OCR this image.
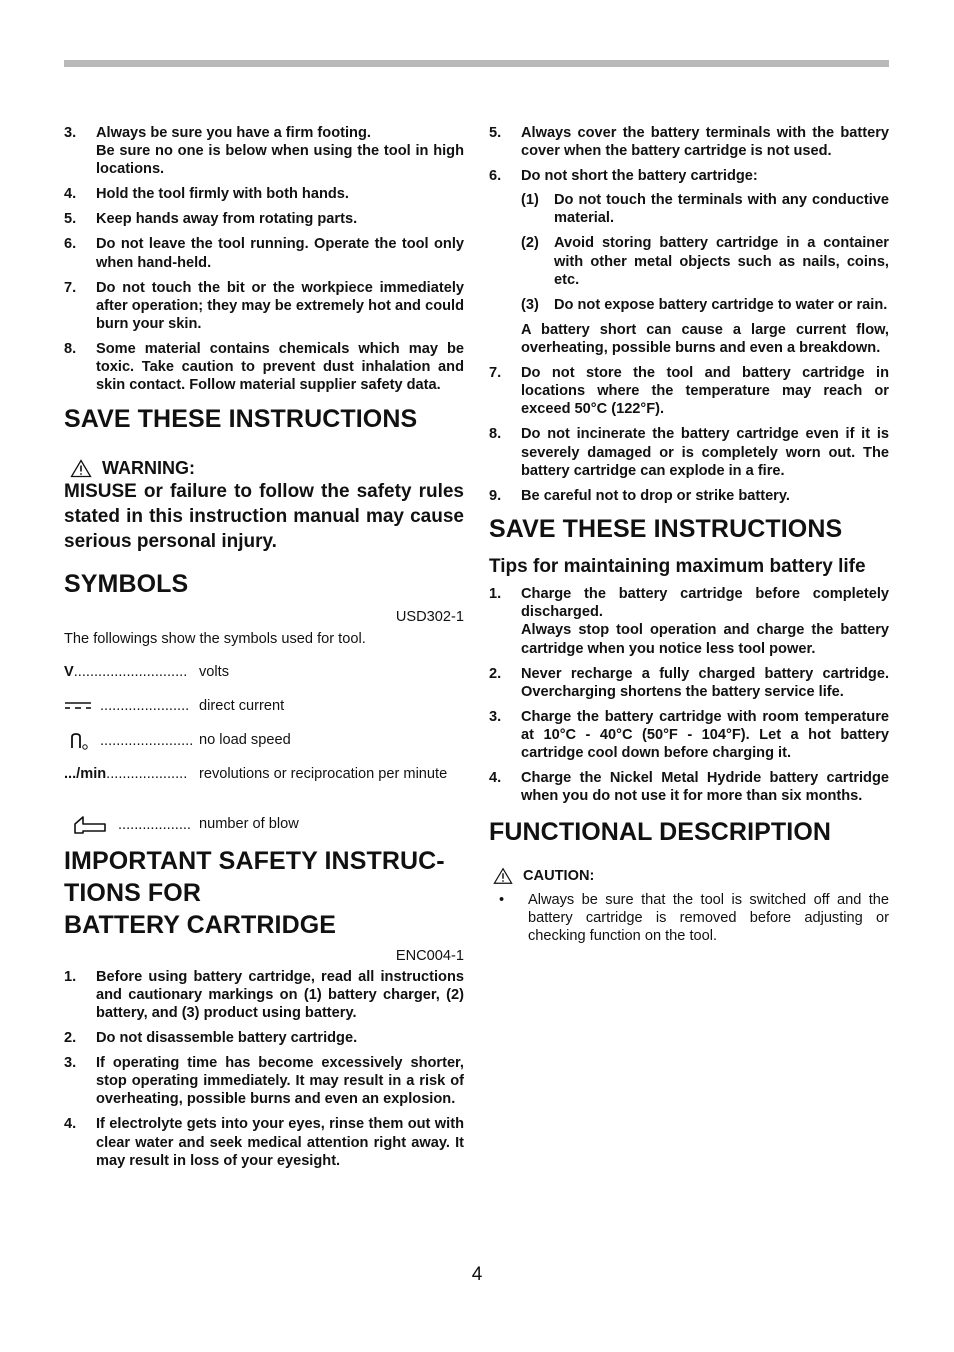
3. Always be sure you have a firm footing.
Be sure no one is below when using the tool in high locations.
4. Hold the tool firmly with both hands.
5. Keep hands away from rotating parts.
6. Do not leave the tool running. Operate the tool only when hand-held.
7. Do not touch the bit or the workpiece immediately after operation; they may be extremely hot and could burn your skin.
8. Some material contains chemicals which may be toxic. Take caution to prevent dust inhalation and skin contact. Follow material supplier safety data.
SAVE THESE INSTRUCTIONS
WARNING:

MISUSE or failure to follow the safety rules stated in this instruction manual may cause serious personal injury.

SYMBOLS
USD302-1
The followings show the symbols used for tool.
V............................ volts
...................... direct current
....................... no load speed
.../min.................... revolutions or reciprocation per minute
.................. number of blow
IMPORTANT SAFETY INSTRUC-
TIONS FOR
BATTERY CARTRIDGE
ENC004-1
1. Before using battery cartridge, read all instructions and cautionary markings on (1) battery charger, (2) battery, and (3) product using battery.
2. Do not disassemble battery cartridge.
3. If operating time has become excessively shorter, stop operating immediately. It may result in a risk of overheating, possible burns and even an explosion.
4. If electrolyte gets into your eyes, rinse them out with clear water and seek medical attention right away. It may result in loss of your eyesight.
5. Always cover the battery terminals with the battery cover when the battery cartridge is not used.
6. Do not short the battery cartridge:
(1) Do not touch the terminals with any conductive material.
(2) Avoid storing battery cartridge in a container with other metal objects such as nails, coins, etc.
(3) Do not expose battery cartridge to water or rain.
A battery short can cause a large current flow, overheating, possible burns and even a breakdown.
7. Do not store the tool and battery cartridge in locations where the temperature may reach or exceed 50°C (122°F).
8. Do not incinerate the battery cartridge even if it is severely damaged or is completely worn out. The battery cartridge can explode in a fire.
9. Be careful not to drop or strike battery.
SAVE THESE INSTRUCTIONS

Tips for maintaining maximum battery life

1. Charge the battery cartridge before completely discharged.
Always stop tool operation and charge the battery cartridge when you notice less tool power.
2. Never recharge a fully charged battery cartridge. Overcharging shortens the battery service life.
3. Charge the battery cartridge with room temperature at 10°C - 40°C (50°F - 104°F). Let a hot battery cartridge cool down before charging it.
4. Charge the Nickel Metal Hydride battery cartridge when you do not use it for more than six months.
FUNCTIONAL DESCRIPTION
CAUTION:
• Always be sure that the tool is switched off and the battery cartridge is removed before adjusting or checking function on the tool.
4
